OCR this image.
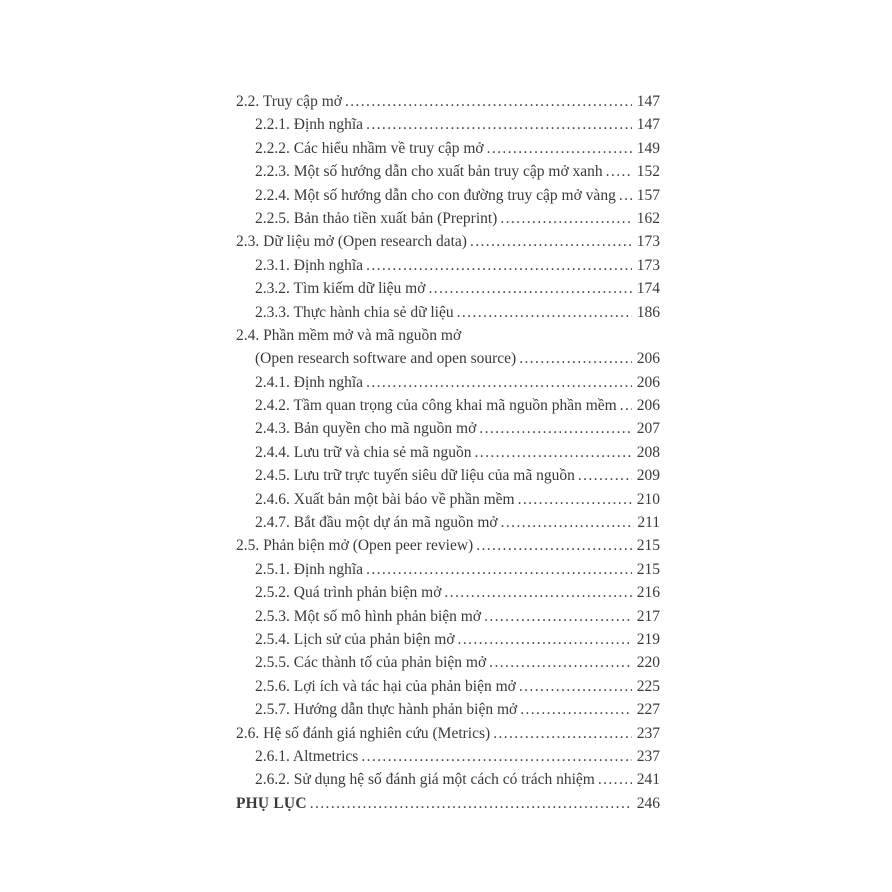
2.2. Truy cập mở .....	147
2.2.1. Định nghĩa .....	147
2.2.2. Các hiểu nhầm về truy cập mở .....	149
2.2.3. Một số hướng dẫn cho xuất bản truy cập mở xanh .....	152
2.2.4. Một số hướng dẫn cho con đường truy cập mở vàng .....	157
2.2.5. Bản thảo tiền xuất bản (Preprint) .....	162
2.3. Dữ liệu mở (Open research data) .....	173
2.3.1. Định nghĩa .....	173
2.3.2. Tìm kiếm dữ liệu mở .....	174
2.3.3. Thực hành chia sẻ dữ liệu .....	186
2.4. Phần mềm mở và mã nguồn mở
(Open research software and open source) .....	206
2.4.1. Định nghĩa .....	206
2.4.2. Tầm quan trọng của công khai mã nguồn phần mềm .....	206
2.4.3. Bản quyền cho mã nguồn mở .....	207
2.4.4. Lưu trữ và chia sẻ mã nguồn .....	208
2.4.5. Lưu trữ trực tuyến siêu dữ liệu của mã nguồn .....	209
2.4.6. Xuất bản một bài báo về phần mềm .....	210
2.4.7. Bắt đầu một dự án mã nguồn mở .....	211
2.5. Phản biện mở (Open peer review) .....	215
2.5.1. Định nghĩa .....	215
2.5.2. Quá trình phản biện mở .....	216
2.5.3. Một số mô hình phản biện mở .....	217
2.5.4. Lịch sử của phản biện mở .....	219
2.5.5. Các thành tố của phản biện mở .....	220
2.5.6. Lợi ích và tác hại của phản biện mở .....	225
2.5.7. Hướng dẫn thực hành phản biện mở .....	227
2.6. Hệ số đánh giá nghiên cứu (Metrics) .....	237
2.6.1. Altmetrics .....	237
2.6.2. Sử dụng hệ số đánh giá một cách có trách nhiệm .....	241
PHỤ LỤC .....	246
